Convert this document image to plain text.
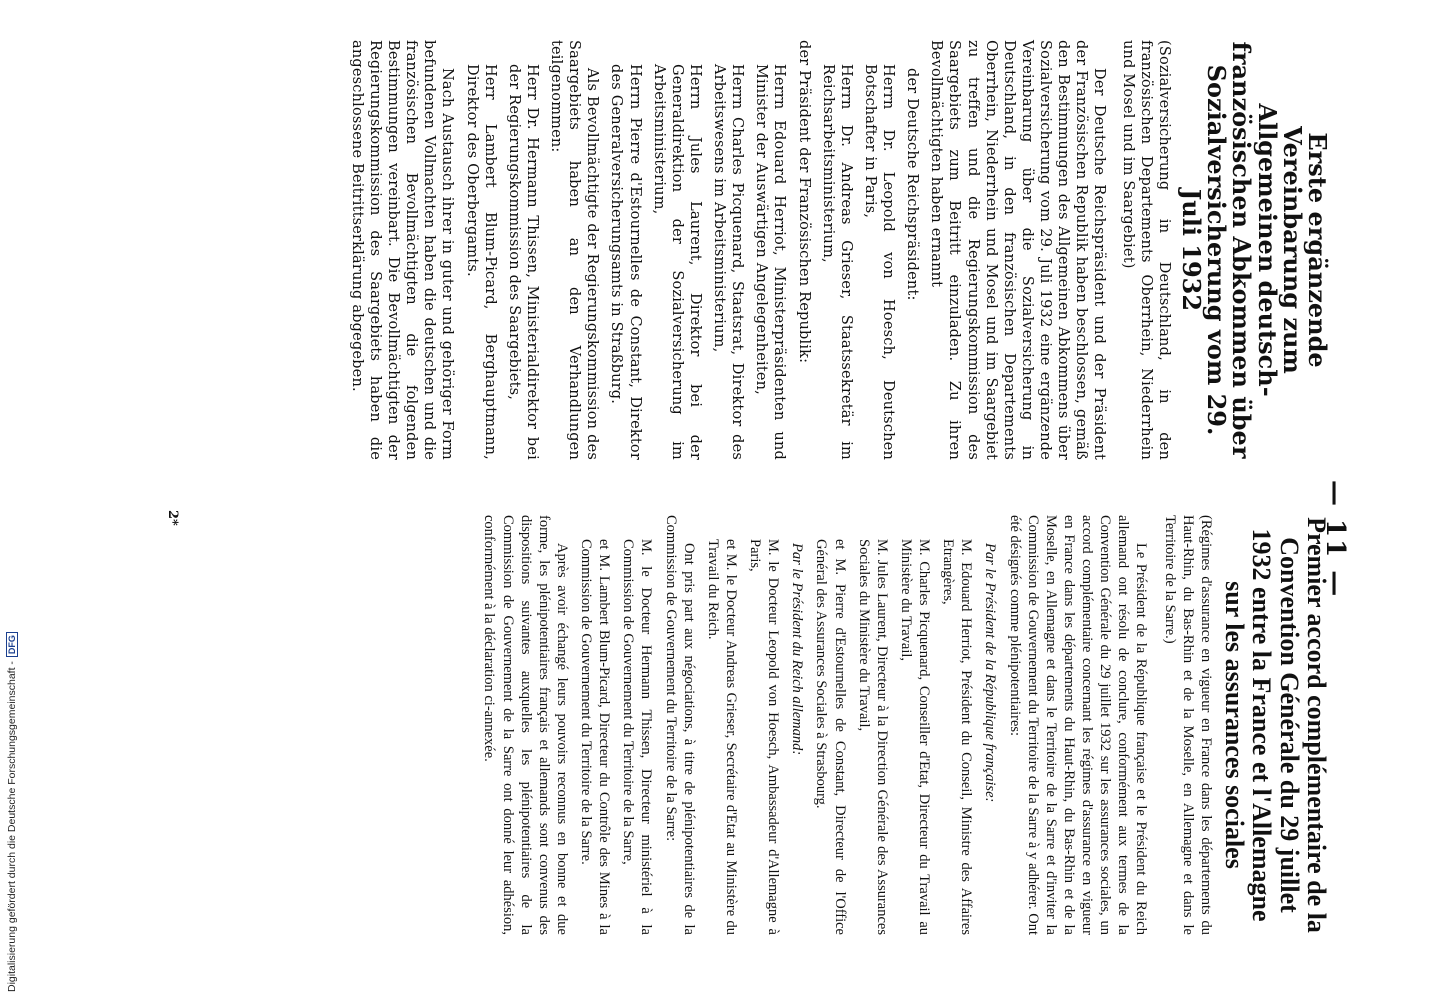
— 11 —
Erste ergänzende Vereinbarung zum Allgemeinen deutsch-französischen Abkommen über Sozialversicherung vom 29. Juli 1932
(Sozialversicherung in Deutschland, in den französischen Departements Oberrhein, Niederrhein und Mosel und im Saargebiet)

Der Deutsche Reichspräsident und der Präsident der Französischen Republik haben beschlossen, gemäß den Bestimmungen des Allgemeinen Abkommens über Sozialversicherung vom 29. Juli 1932 eine ergänzende Vereinbarung über die Sozialversicherung in Deutschland, in den französischen Departements Oberrhein, Niederrhein und Mosel und im Saargebiet zu treffen und die Regierungskommission des Saargebiets zum Beitritt einzuladen. Zu ihren Bevollmächtigten haben ernannt

der Deutsche Reichspräsident:

Herrn Dr. Leopold von Hoesch, Deutschen Botschafter in Paris,

Herrn Dr. Andreas Grieser, Staatssekretär im Reichsarbeitsministerium,

der Präsident der Französischen Republik:

Herrn Edouard Herriot, Ministerpräsidenten und Minister der Auswärtigen Angelegenheiten,

Herrn Charles Picquenard, Staatsrat, Direktor des Arbeitswesens im Arbeitsministerium,

Herrn Jules Laurent, Direktor bei der Generaldirektion der Sozialversicherung im Arbeitsministerium,

Herrn Pierre d'Estournelles de Constant, Direktor des Generalversicherungsamts in Straßburg.

Als Bevollmächtigte der Regierungskommission des Saargebiets haben an den Verhandlungen teilgenommen:

Herr Dr. Hermann Thissen, Ministerialdirektor bei der Regierungskommission des Saargebiets,

Herr Lambert Blum-Picard, Berghauptmann, Direktor des Oberbergamts.

Nach Austausch ihrer in guter und gehöriger Form befundenen Vollmachten haben die deutschen und die französischen Bevollmächtigten die folgenden Bestimmungen vereinbart. Die Bevollmächtigten der Regierungskommission des Saargebiets haben die angeschlossene Beitrittserklärung abgegeben.

Premier accord complémentaire de la Convention Générale du 29 juillet 1932 entre la France et l'Allemagne sur les assurances sociales
(Régimes d'assurance en vigueur en France dans les départements du Haut-Rhin, du Bas-Rhin et de la Moselle, en Allemagne et dans le Territoire de la Sarre.)

Le Président de la République française et le Président du Reich allemand ont résolu de conclure, conformément aux termes de la Convention Générale du 29 juillet 1932 sur les assurances sociales, un accord complémentaire concernant les régimes d'assurance en vigueur en France dans les départements du Haut-Rhin, du Bas-Rhin et de la Moselle, en Allemagne et dans le Territoire de la Sarre et d'inviter la Commission de Gouvernement du Territoire de la Sarre à y adhérer. Ont été désignés comme plénipotentiaires:

Par le Président de la République française:

M. Edouard Herriot, Président du Conseil, Ministre des Affaires Etrangères,

M. Charles Picquenard, Conseiller d'Etat, Directeur du Travail au Ministère du Travail,

M. Jules Laurent, Directeur à la Direction Générale des Assurances Sociales du Ministère du Travail,

et M. Pierre d'Estournelles de Constant, Directeur de l'Office Général des Assurances Sociales à Strasbourg.

Par le Président du Reich allemand:

M. le Docteur Leopold von Hoesch, Ambassadeur d'Allemagne à Paris,

et M. le Docteur Andreas Grieser, Secrétaire d'Etat au Ministère du Travail du Reich.

Ont pris part aux négociations, à titre de plénipotentiaires de la Commission de Gouvernement du Territoire de la Sarre:

M. le Docteur Hermann Thissen, Directeur ministériel à la Commission de Gouvernement du Territoire de la Sarre,

et M. Lambert Blum-Picard, Directeur du Contrôle des Mines à la Commission de Gouvernement du Territoire de la Sarre.

Après avoir échangé leurs pouvoirs reconnus en bonne et due forme, les plénipotentiaires français et allemands sont convenus des dispositions suivantes auxquelles les plénipotentiaires de la Commission de Gouvernement de la Sarre ont donné leur adhésion, conformément à la déclaration ci-annexée.

2*
Digitalisierung gefördert durch die Deutsche Forschungsgemeinschaft -DFG
